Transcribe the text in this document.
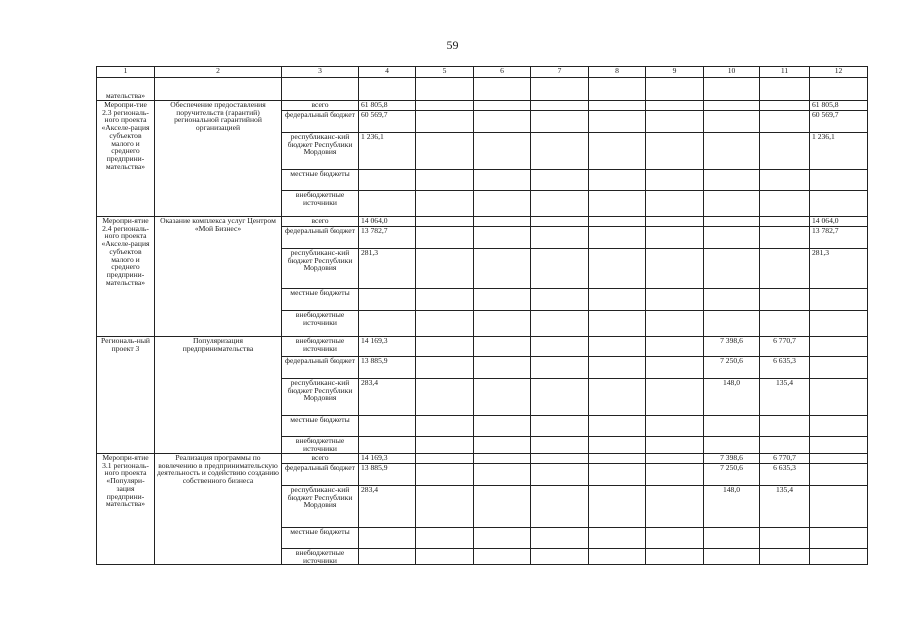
59
1	2	3	4	5	6	7	8	9	10	11	12
мательства»											
Меропри-тие 2.3 региональ-ного проекта «Акселе-рация субъектов малого и среднего предприни-мательства»	Обеспечение предоставления поручительств (гарантий) региональной гарантийной организацией	всего	61 805,8								61 805,8
		федеральный бюджет	60 569,7								60 569,7
		республиканс-кий бюджет Республики Мордовия	1 236,1								1 236,1
		местные бюджеты									
		внебюджетные источники									
Меропри-ятие 2.4 региональ-ного проекта «Акселе-рация субъектов малого и среднего предприни-мательства»	Оказание комплекса услуг Центром «Мой Бизнес»	всего	14 064,0								14 064,0
		федеральный бюджет	13 782,7								13 782,7
		республиканс-кий бюджет Республики Мордовия	281,3								281,3
		местные бюджеты									
		внебюджетные источники									
Региональ-ный проект 3	Популяризация предпринимательства	внебюджетные источники	14 169,3						7 398,6	6 770,7	
		федеральный бюджет	13 885,9						7 250,6	6 635,3	
		республиканс-кий бюджет Республики Мордовия	283,4						148,0	135,4	
		местные бюджеты									
		внебюджетные источники									
Меропри-ятие 3.1 региональ-ного проекта «Популяри-зация предприни-мательства»	Реализация программы по вовлечению в предпринимательскую деятельность и содействию созданию собственного бизнеса	всего	14 169,3						7 398,6	6 770,7	
		федеральный бюджет	13 885,9						7 250,6	6 635,3	
		республиканс-кий бюджет Республики Мордовия	283,4						148,0	135,4	
		местные бюджеты									
		внебюджетные источники									
